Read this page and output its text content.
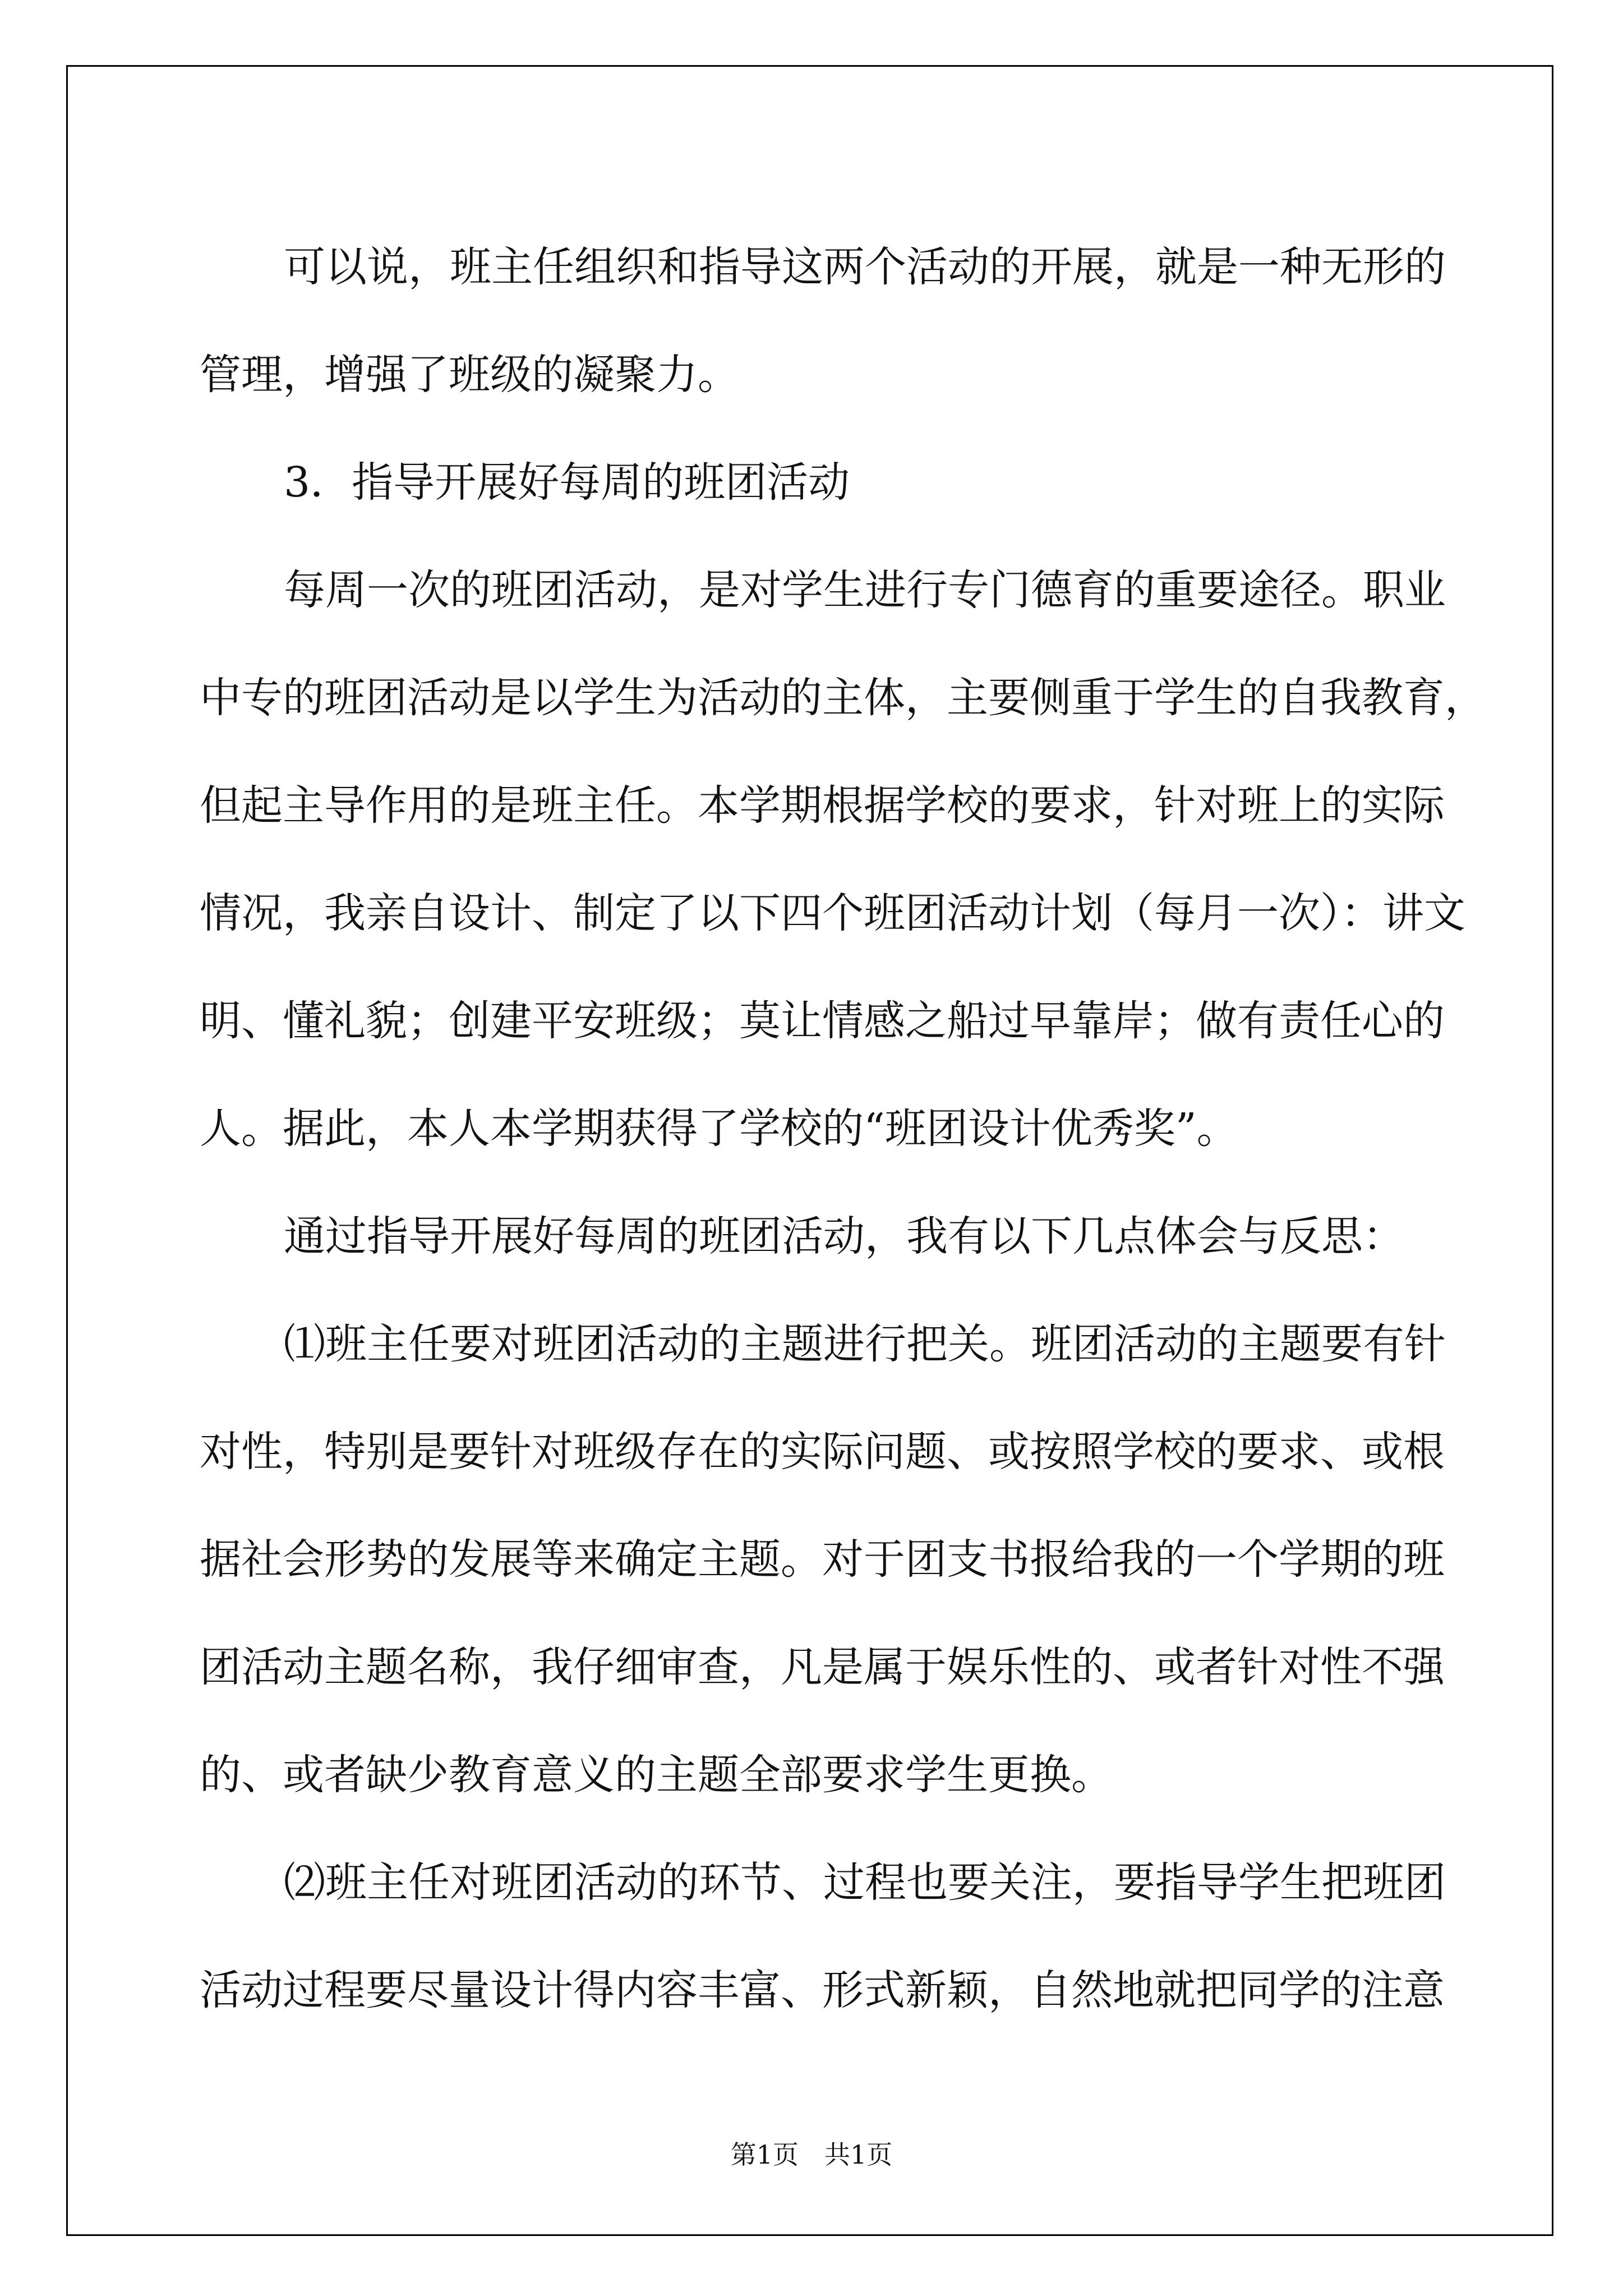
可以说，班主任组织和指导这两个活动的开展，就是一种无形的
管理，增强了班级的凝聚力。
3．指导开展好每周的班团活动
每周一次的班团活动，是对学生进行专门德育的重要途径。职业
中专的班团活动是以学生为活动的主体，主要侧重于学生的自我教育，
但起主导作用的是班主任。本学期根据学校的要求，针对班上的实际
情况，我亲自设计、制定了以下四个班团活动计划（每月一次）：讲文
明、懂礼貌；创建平安班级；莫让情感之船过早靠岸；做有责任心的
人。据此，本人本学期获得了学校的“班团设计优秀奖”。
通过指导开展好每周的班团活动，我有以下几点体会与反思：
⑴班主任要对班团活动的主题进行把关。班团活动的主题要有针
对性，特别是要针对班级存在的实际问题、或按照学校的要求、或根
据社会形势的发展等来确定主题。对于团支书报给我的一个学期的班
团活动主题名称，我仔细审查，凡是属于娱乐性的、或者针对性不强
的、或者缺少教育意义的主题全部要求学生更换。
⑵班主任对班团活动的环节、过程也要关注，要指导学生把班团
活动过程要尽量设计得内容丰富、形式新颖，自然地就把同学的注意
第1页　共1页
